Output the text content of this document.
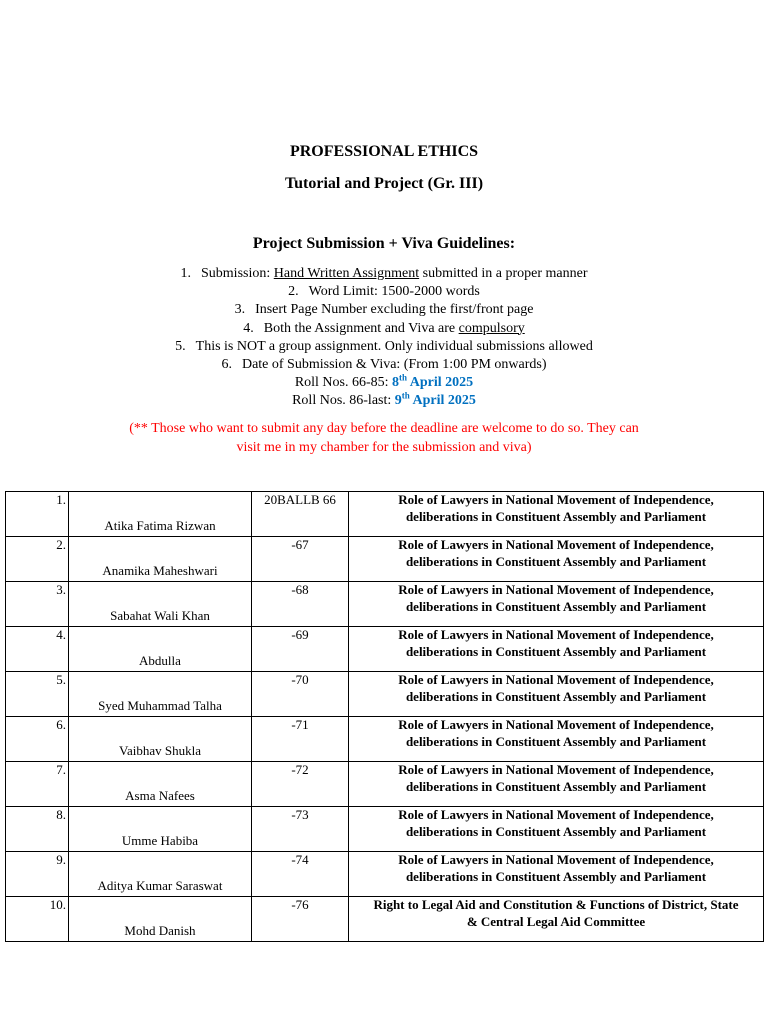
PROFESSIONAL ETHICS
Tutorial and Project (Gr. III)
Project Submission + Viva Guidelines:
1. Submission: Hand Written Assignment submitted in a proper manner
2. Word Limit: 1500-2000 words
3. Insert Page Number excluding the first/front page
4. Both the Assignment and Viva are compulsory
5. This is NOT a group assignment. Only individual submissions allowed
6. Date of Submission & Viva: (From 1:00 PM onwards)
Roll Nos. 66-85: 8th April 2025
Roll Nos. 86-last: 9th April 2025
(** Those who want to submit any day before the deadline are welcome to do so. They can
visit me in my chamber for the submission and viva)
1.	Atika Fatima Rizwan	20BALLB 66	Role of Lawyers in National Movement of Independence,
deliberations in Constituent Assembly and Parliament
2.	Anamika Maheshwari	-67	Role of Lawyers in National Movement of Independence,
deliberations in Constituent Assembly and Parliament
3.	Sabahat Wali Khan	-68	Role of Lawyers in National Movement of Independence,
deliberations in Constituent Assembly and Parliament
4.	Abdulla	-69	Role of Lawyers in National Movement of Independence,
deliberations in Constituent Assembly and Parliament
5.	Syed Muhammad Talha	-70	Role of Lawyers in National Movement of Independence,
deliberations in Constituent Assembly and Parliament
6.	Vaibhav Shukla	-71	Role of Lawyers in National Movement of Independence,
deliberations in Constituent Assembly and Parliament
7.	Asma Nafees	-72	Role of Lawyers in National Movement of Independence,
deliberations in Constituent Assembly and Parliament
8.	Umme Habiba	-73	Role of Lawyers in National Movement of Independence,
deliberations in Constituent Assembly and Parliament
9.	Aditya Kumar Saraswat	-74	Role of Lawyers in National Movement of Independence,
deliberations in Constituent Assembly and Parliament
10.	Mohd Danish	-76	Right to Legal Aid and Constitution & Functions of District, State
& Central Legal Aid Committee
